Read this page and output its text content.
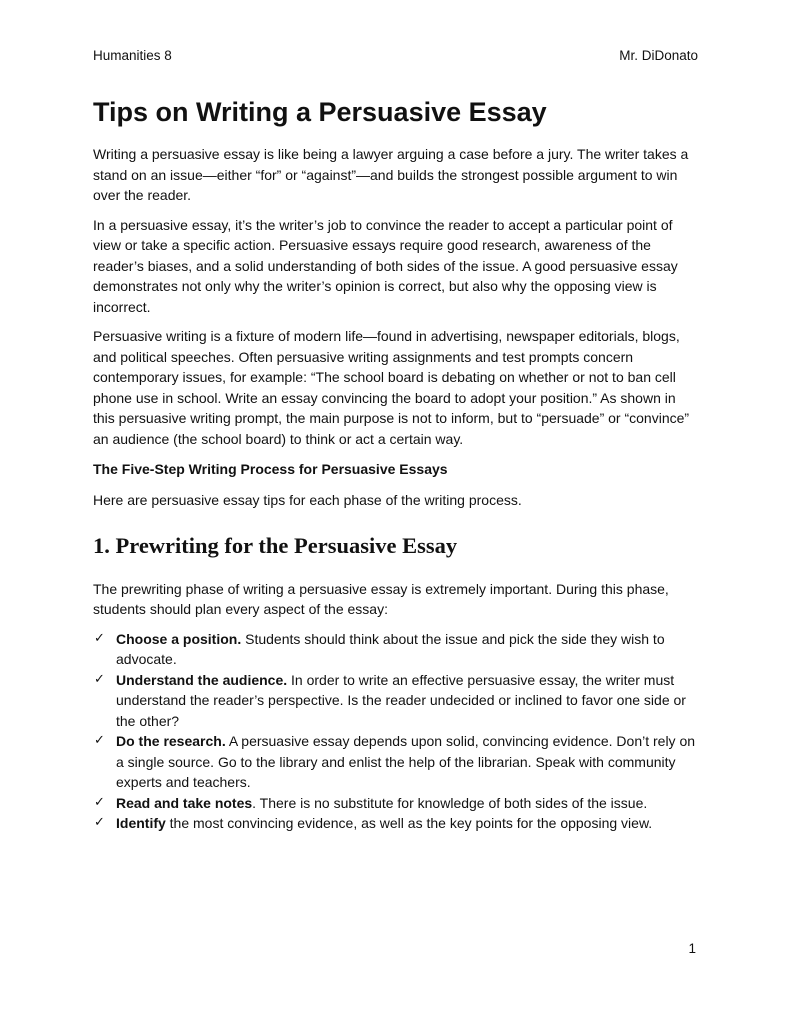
Humanities 8	Mr. DiDonato
Tips on Writing a Persuasive Essay

Writing a persuasive essay is like being a lawyer arguing a case before a jury. The writer takes a stand on an issue—either “for” or “against”—and builds the strongest possible argument to win over the reader.

In a persuasive essay, it’s the writer’s job to convince the reader to accept a particular point of view or take a specific action. Persuasive essays require good research, awareness of the reader’s biases, and a solid understanding of both sides of the issue. A good persuasive essay demonstrates not only why the writer’s opinion is correct, but also why the opposing view is incorrect.

Persuasive writing is a fixture of modern life—found in advertising, newspaper editorials, blogs, and political speeches. Often persuasive writing assignments and test prompts concern contemporary issues, for example: “The school board is debating on whether or not to ban cell phone use in school. Write an essay convincing the board to adopt your position.” As shown in this persuasive writing prompt, the main purpose is not to inform, but to “persuade” or “convince” an audience (the school board) to think or act a certain way.

The Five-Step Writing Process for Persuasive Essays

Here are persuasive essay tips for each phase of the writing process.

1. Prewriting for the Persuasive Essay

The prewriting phase of writing a persuasive essay is extremely important. During this phase, students should plan every aspect of the essay:

✓ Choose a position. Students should think about the issue and pick the side they wish to advocate.
✓ Understand the audience. In order to write an effective persuasive essay, the writer must understand the reader’s perspective. Is the reader undecided or inclined to favor one side or the other?
✓ Do the research. A persuasive essay depends upon solid, convincing evidence. Don’t rely on a single source. Go to the library and enlist the help of the librarian. Speak with community experts and teachers.
✓ Read and take notes. There is no substitute for knowledge of both sides of the issue.
✓ Identify the most convincing evidence, as well as the key points for the opposing view.
1
